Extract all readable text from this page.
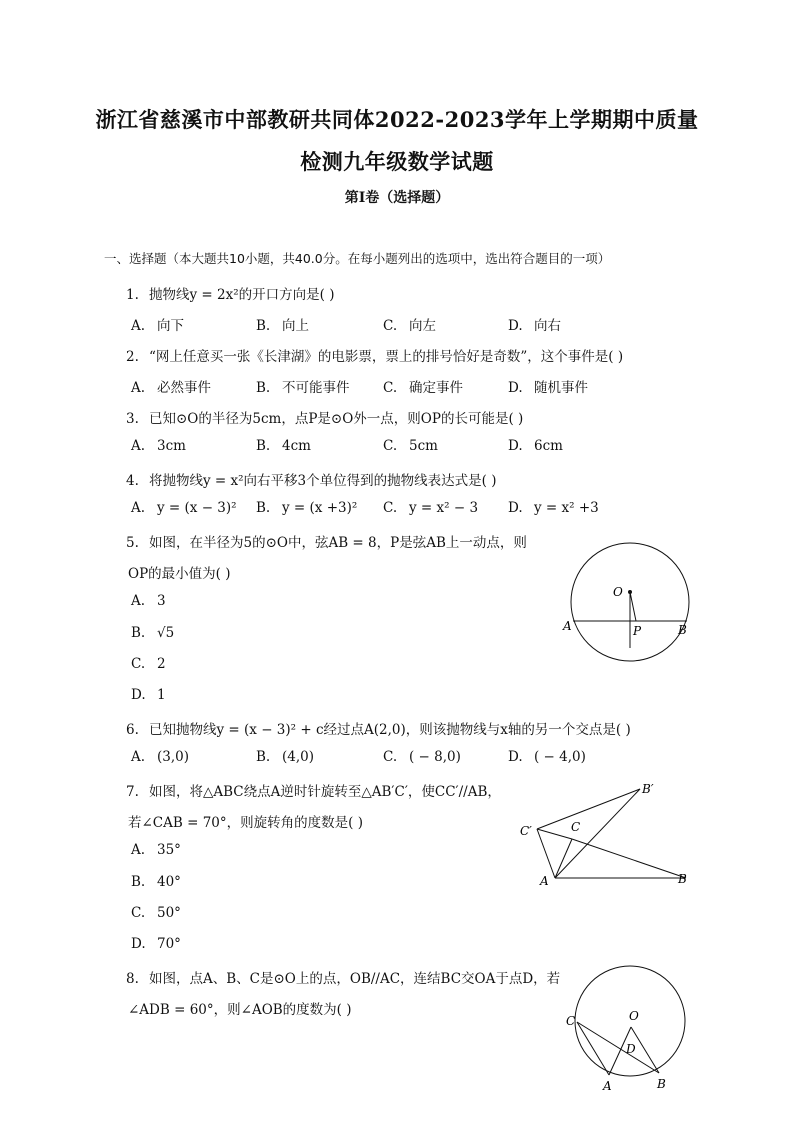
浙江省慈溪市中部教研共同体2022-2023学年上学期期中质量
检测九年级数学试题
第I卷（选择题）
一、选择题（本大题共10小题，共40.0分。在每小题列出的选项中，选出符合题目的一项）
1. 抛物线y = 2x²的开口方向是( )
A. 向下	B. 向上	C. 向左	D. 向右
2. “网上任意买一张《长津湖》的电影票，票上的排号恰好是奇数”，这个事件是( )
A. 必然事件	B. 不可能事件 C. 确定事件	D. 随机事件
3. 已知⊙O的半径为5cm，点P是⊙O外一点，则OP的长可能是( )
A. 3cm	B. 4cm	C. 5cm	D. 6cm
4. 将抛物线y = x²向右平移3个单位得到的抛物线表达式是( )
A. y = (x − 3)² B. y = (x +3)² C. y = x² − 3 D. y = x² +3
5. 如图，在半径为5的⊙O中，弦AB = 8，P是弦AB上一动点，则
OP的最小值为( )
A. 3
B. √5
C. 2
D. 1
O
A	B
P
6. 已知抛物线y = (x − 3)² + c经过点A(2,0)，则该抛物线与x轴的另一个交点是( )
A. (3,0)	B. (4,0)	C. ( − 8,0)	D. ( − 4,0)
7. 如图，将△ABC绕点A逆时针旋转至△AB′C′，使CC′//AB，
若∠CAB = 70°，则旋转角的度数是( )
A. 35°
B. 40°
C. 50°
D. 70°
B′
C′	C
A	B
8. 如图，点A、B、C是⊙O上的点，OB//AC，连结BC交OA于点D，若
∠ADB = 60°，则∠AOB的度数为( )
C	O
D
A	B
